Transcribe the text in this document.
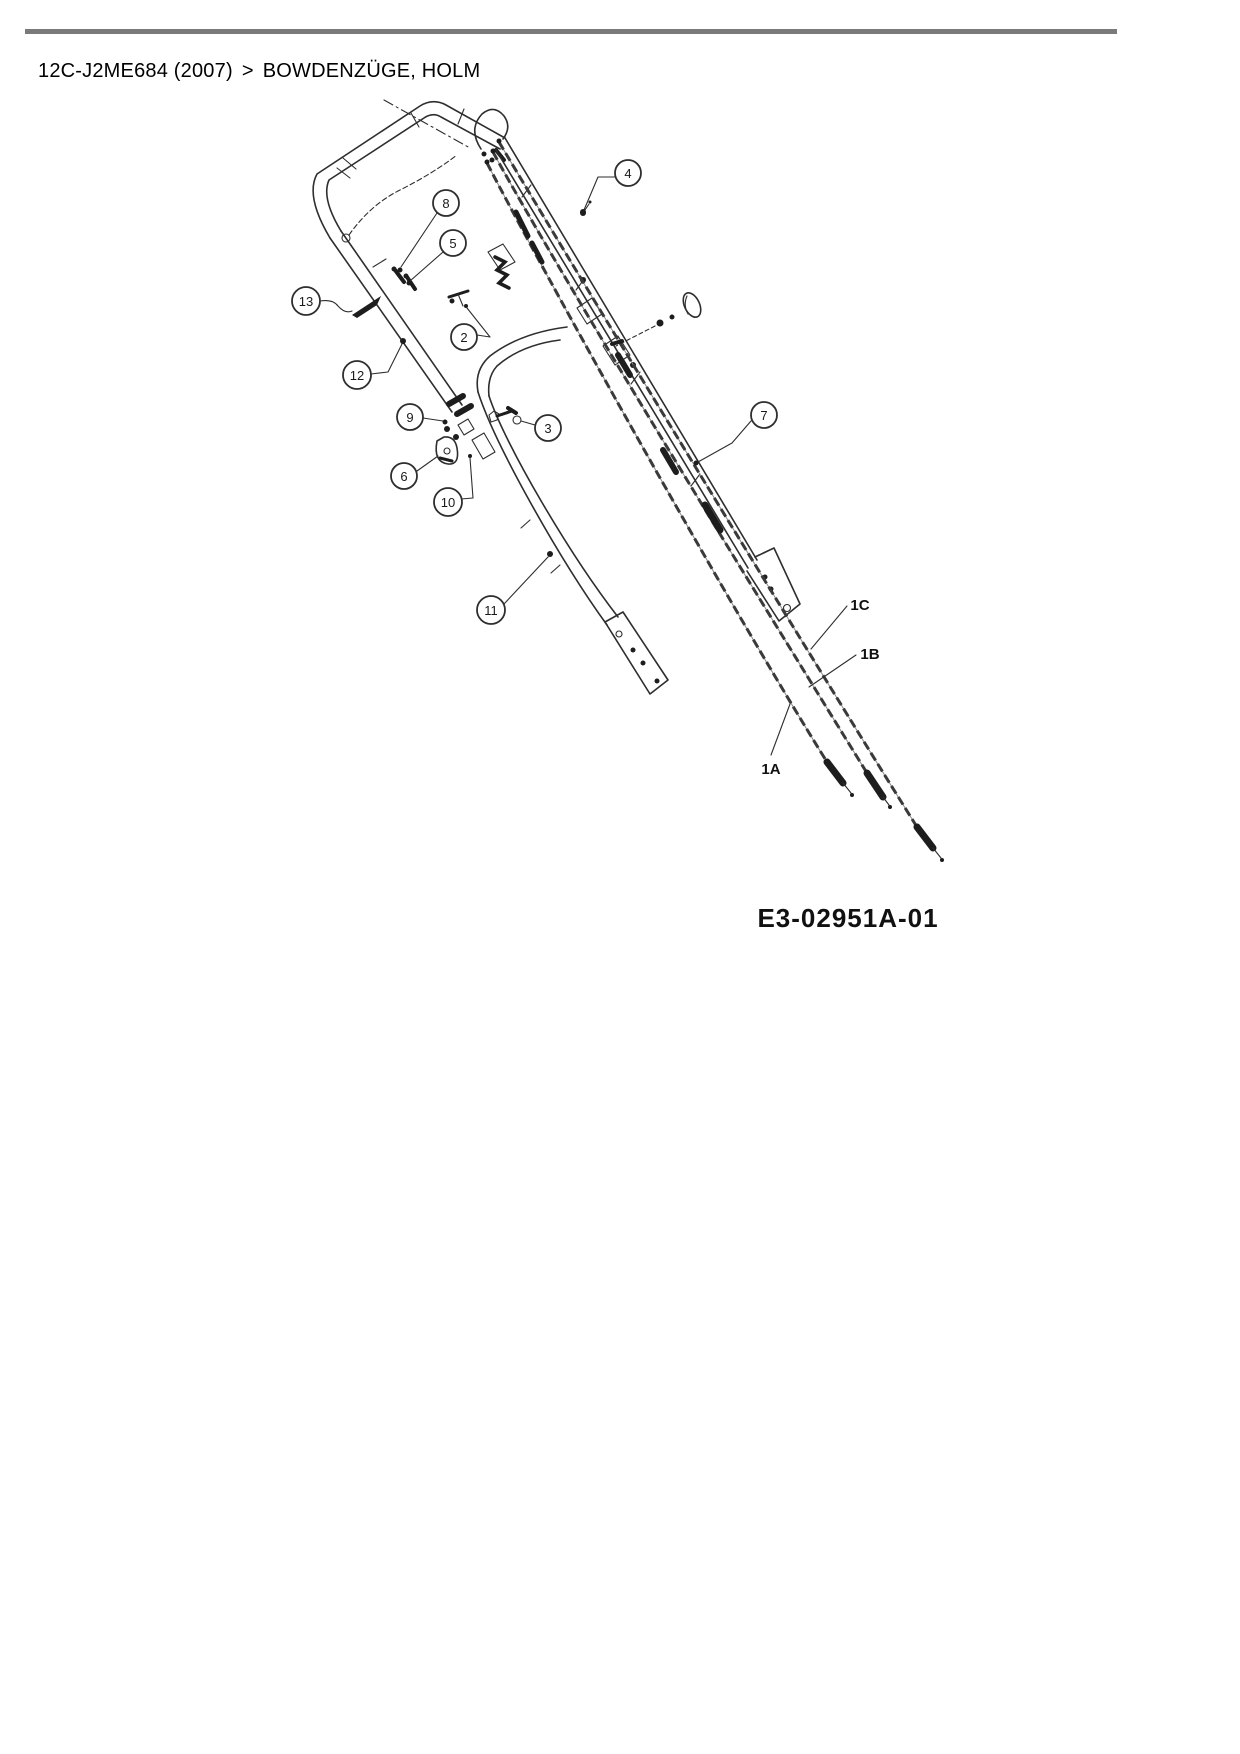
12C-J2ME684 (2007) > BOWDENZÜGE, HOLM
4
8
5
13
2
12
9
3
6
10
11
7
1A
1B
1C
E3-02951A-01
